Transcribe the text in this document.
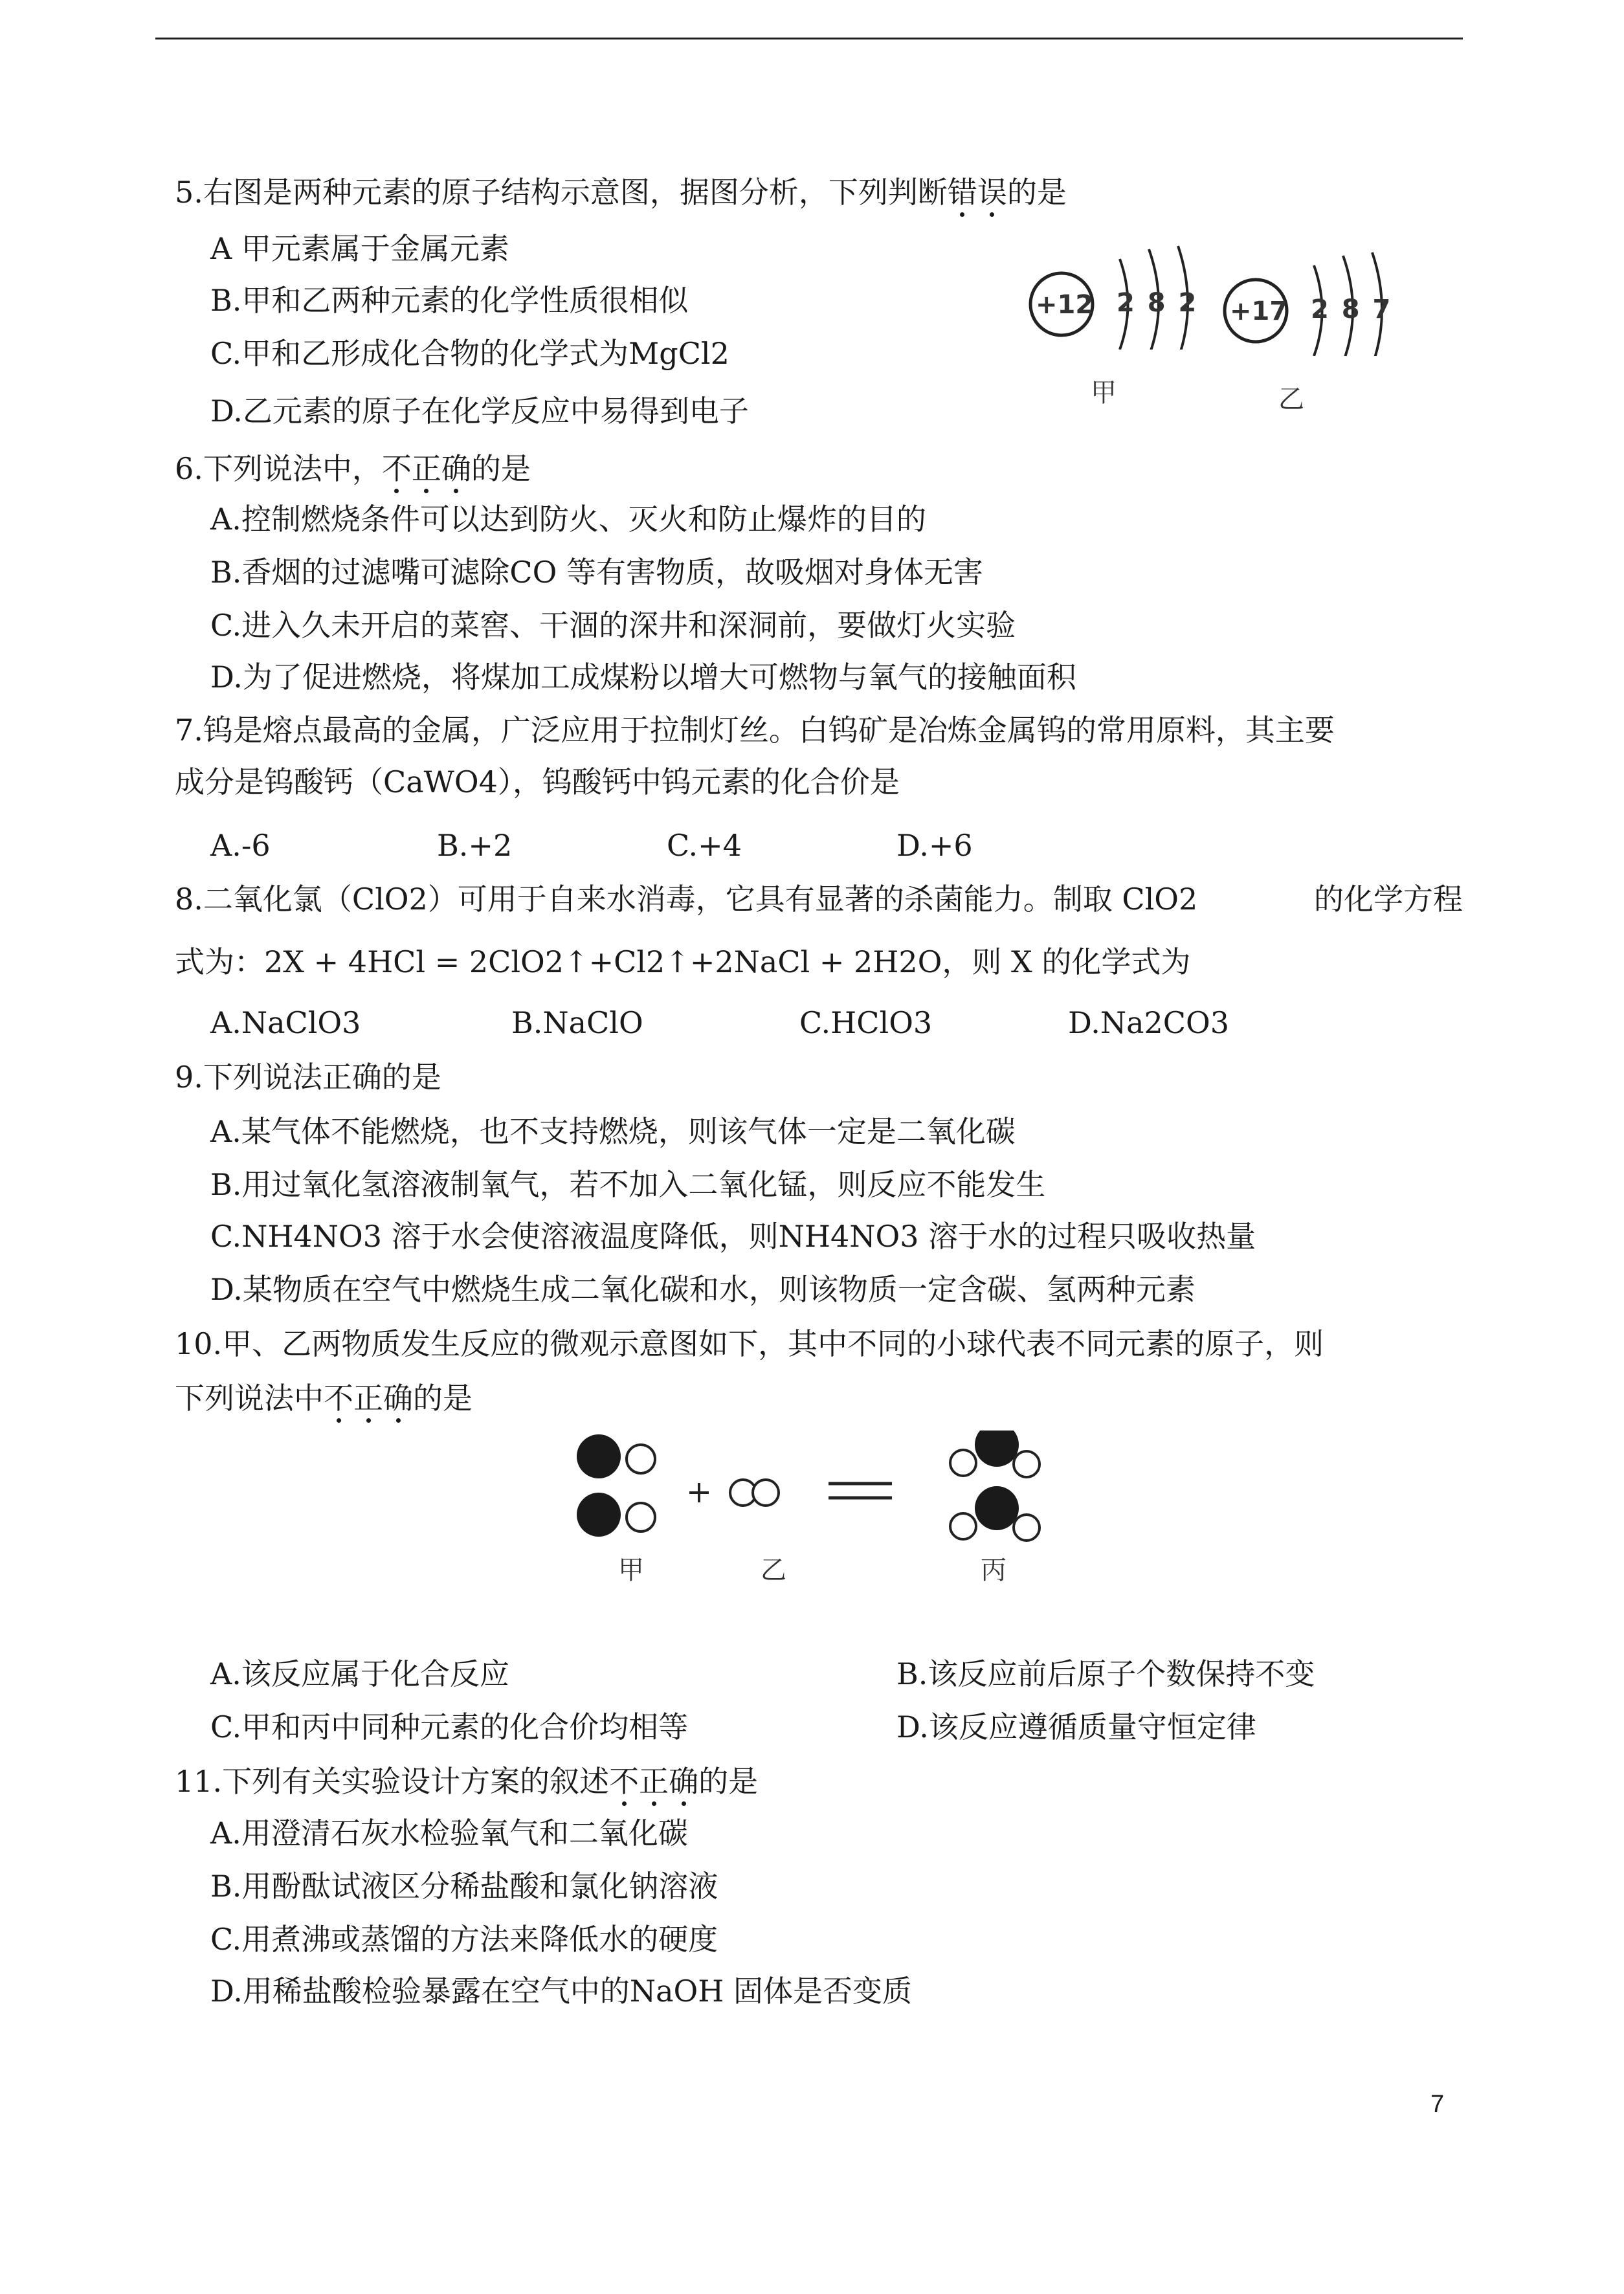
5.右图是两种元素的原子结构示意图，据图分析，下列判断错误的是
A 甲元素属于金属元素
B.甲和乙两种元素的化学性质很相似
C.甲和乙形成化合物的化学式为MgCl2
D.乙元素的原子在化学反应中易得到电子
+12 2 8 2
甲
+17 2 8 7
乙
6.下列说法中，不正确的是
A.控制燃烧条件可以达到防火、灭火和防止爆炸的目的
B.香烟的过滤嘴可滤除CO 等有害物质，故吸烟对身体无害
C.进入久未开启的菜窖、干涸的深井和深洞前，要做灯火实验
D.为了促进燃烧，将煤加工成煤粉以增大可燃物与氧气的接触面积
7.钨是熔点最高的金属，广泛应用于拉制灯丝。白钨矿是冶炼金属钨的常用原料，其主要
成分是钨酸钙（CaWO4），钨酸钙中钨元素的化合价是
A.-6	B.+2	C.+4	D.+6
8.二氧化氯（ClO2）可用于自来水消毒，它具有显著的杀菌能力。制取 ClO2	的化学方程
式为：2X + 4HCl = 2ClO2↑+Cl2↑+2NaCl + 2H2O，则 X 的化学式为
A.NaClO3	B.NaClO	C.HClO3	D.Na2CO3
9.下列说法正确的是
A.某气体不能燃烧，也不支持燃烧，则该气体一定是二氧化碳
B.用过氧化氢溶液制氧气，若不加入二氧化锰，则反应不能发生
C.NH4NO3 溶于水会使溶液温度降低，则NH4NO3 溶于水的过程只吸收热量
D.某物质在空气中燃烧生成二氧化碳和水，则该物质一定含碳、氢两种元素
10.甲、乙两物质发生反应的微观示意图如下，其中不同的小球代表不同元素的原子，则
下列说法中不正确的是
甲	乙	丙
A.该反应属于化合反应	B.该反应前后原子个数保持不变
C.甲和丙中同种元素的化合价均相等	D.该反应遵循质量守恒定律
11.下列有关实验设计方案的叙述不正确的是
A.用澄清石灰水检验氧气和二氧化碳
B.用酚酞试液区分稀盐酸和氯化钠溶液
C.用煮沸或蒸馏的方法来降低水的硬度
D.用稀盐酸检验暴露在空气中的NaOH 固体是否变质
7
